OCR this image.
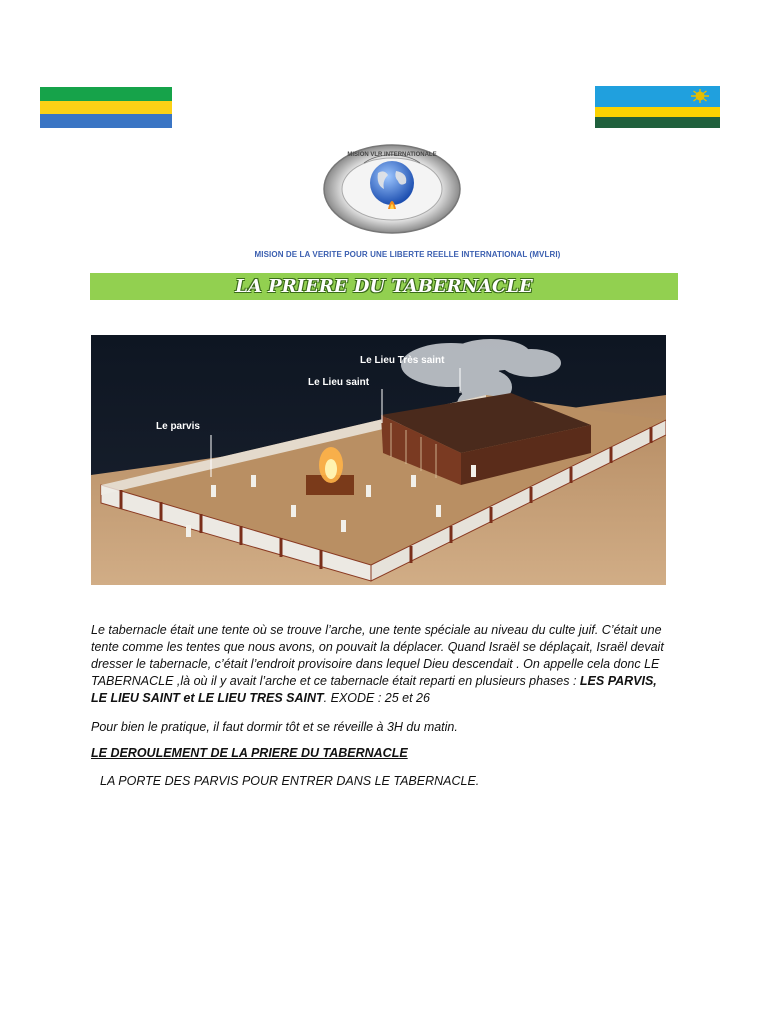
MISION VLR INTERNATIONALE
MISION DE LA VERITE POUR UNE LIBERTE REELLE INTERNATIONAL (MVLRI)
LA PRIERE DU TABERNACLE
Le Lieu Très saint
Le Lieu saint
Le parvis
Le tabernacle était une tente où se trouve l’arche, une tente spéciale au niveau du culte juif. C’était une tente comme les tentes que nous avons, on pouvait la déplacer. Quand Israël se déplaçait, Israël devait dresser le tabernacle, c’était l’endroit provisoire dans lequel Dieu descendait . On appelle cela donc LE TABERNACLE ,là où il y avait l’arche et ce tabernacle était reparti en plusieurs phases : LES PARVIS, LE LIEU SAINT et LE LIEU TRES SAINT. EXODE : 25 et 26
Pour bien le pratique, il faut dormir tôt et se réveille à 3H du matin.
LE DEROULEMENT DE LA PRIERE DU TABERNACLE
LA PORTE DES PARVIS POUR ENTRER DANS LE TABERNACLE.
